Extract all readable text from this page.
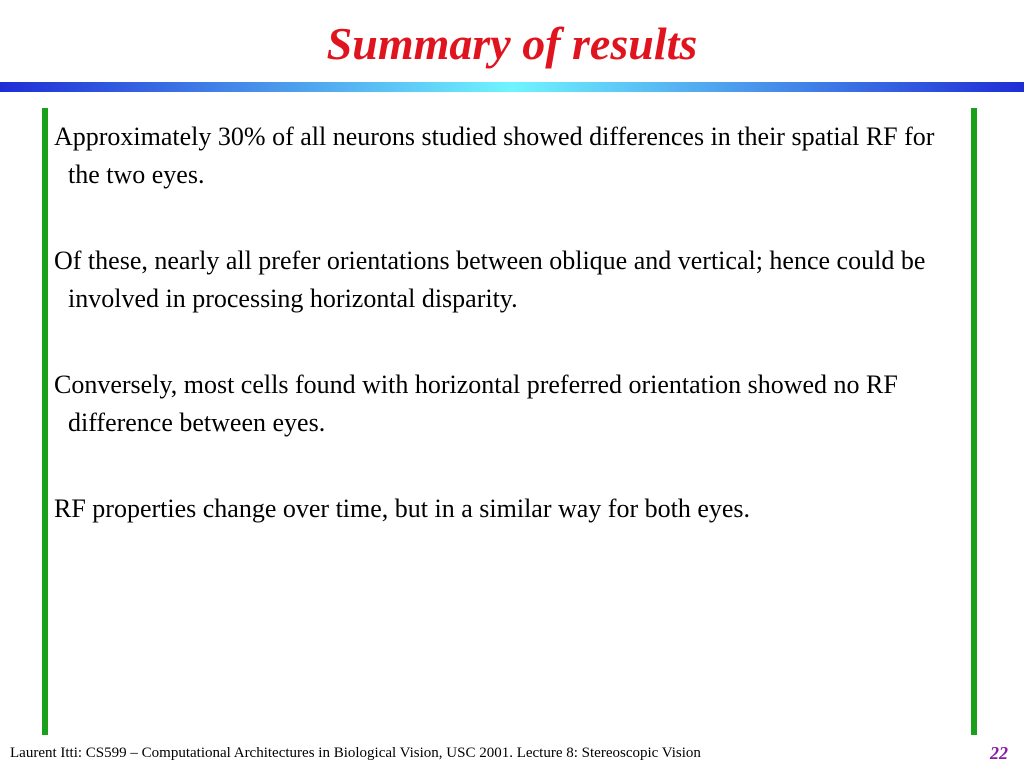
Summary of results
Approximately 30% of all neurons studied showed differences in their spatial RF for the two eyes.
Of these, nearly all prefer orientations between oblique and vertical; hence could be involved in processing horizontal disparity.
Conversely, most cells found with horizontal preferred orientation showed no RF difference between eyes.
RF properties change over time, but in a similar way for both eyes.
Laurent Itti: CS599 – Computational Architectures in Biological Vision, USC 2001. Lecture 8: Stereoscopic Vision	22
